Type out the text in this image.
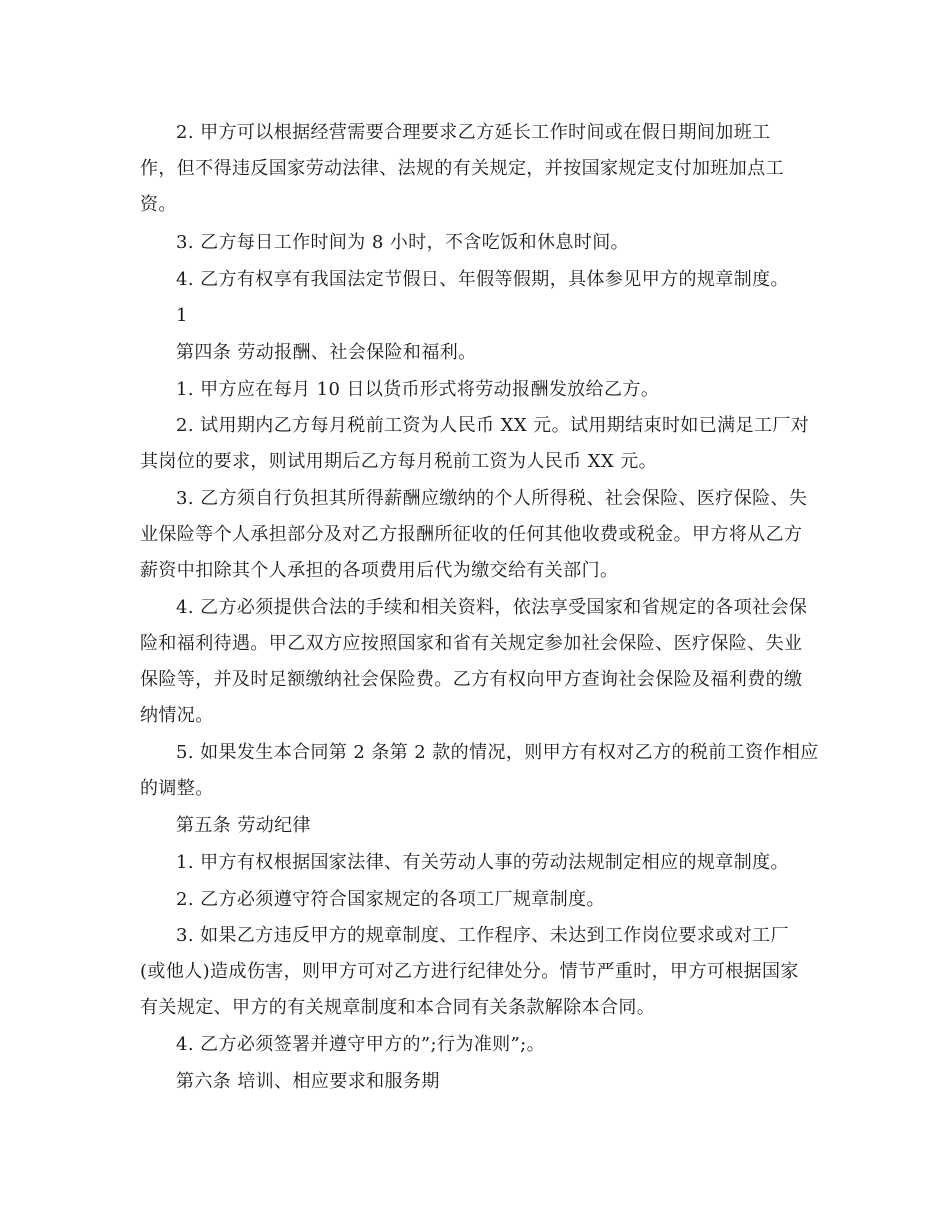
2. 甲方可以根据经营需要合理要求乙方延长工作时间或在假日期间加班工
作，但不得违反国家劳动法律、法规的有关规定，并按国家规定支付加班加点工
资。
3. 乙方每日工作时间为 8 小时，不含吃饭和休息时间。
4. 乙方有权享有我国法定节假日、年假等假期，具体参见甲方的规章制度。
1
第四条 劳动报酬、社会保险和福利。
1. 甲方应在每月 10 日以货币形式将劳动报酬发放给乙方。
2. 试用期内乙方每月税前工资为人民币 XX 元。试用期结束时如已满足工厂对
其岗位的要求，则试用期后乙方每月税前工资为人民币 XX 元。
3. 乙方须自行负担其所得薪酬应缴纳的个人所得税、社会保险、医疗保险、失
业保险等个人承担部分及对乙方报酬所征收的任何其他收费或税金。甲方将从乙方
薪资中扣除其个人承担的各项费用后代为缴交给有关部门。
4. 乙方必须提供合法的手续和相关资料，依法享受国家和省规定的各项社会保
险和福利待遇。甲乙双方应按照国家和省有关规定参加社会保险、医疗保险、失业
保险等，并及时足额缴纳社会保险费。乙方有权向甲方查询社会保险及福利费的缴
纳情况。
5. 如果发生本合同第 2 条第 2 款的情况，则甲方有权对乙方的税前工资作相应
的调整。
第五条 劳动纪律
1. 甲方有权根据国家法律、有关劳动人事的劳动法规制定相应的规章制度。
2. 乙方必须遵守符合国家规定的各项工厂规章制度。
3. 如果乙方违反甲方的规章制度、工作程序、未达到工作岗位要求或对工厂
(或他人)造成伤害，则甲方可对乙方进行纪律处分。情节严重时，甲方可根据国家
有关规定、甲方的有关规章制度和本合同有关条款解除本合同。
4. 乙方必须签署并遵守甲方的”;行为准则”;。
第六条 培训、相应要求和服务期
